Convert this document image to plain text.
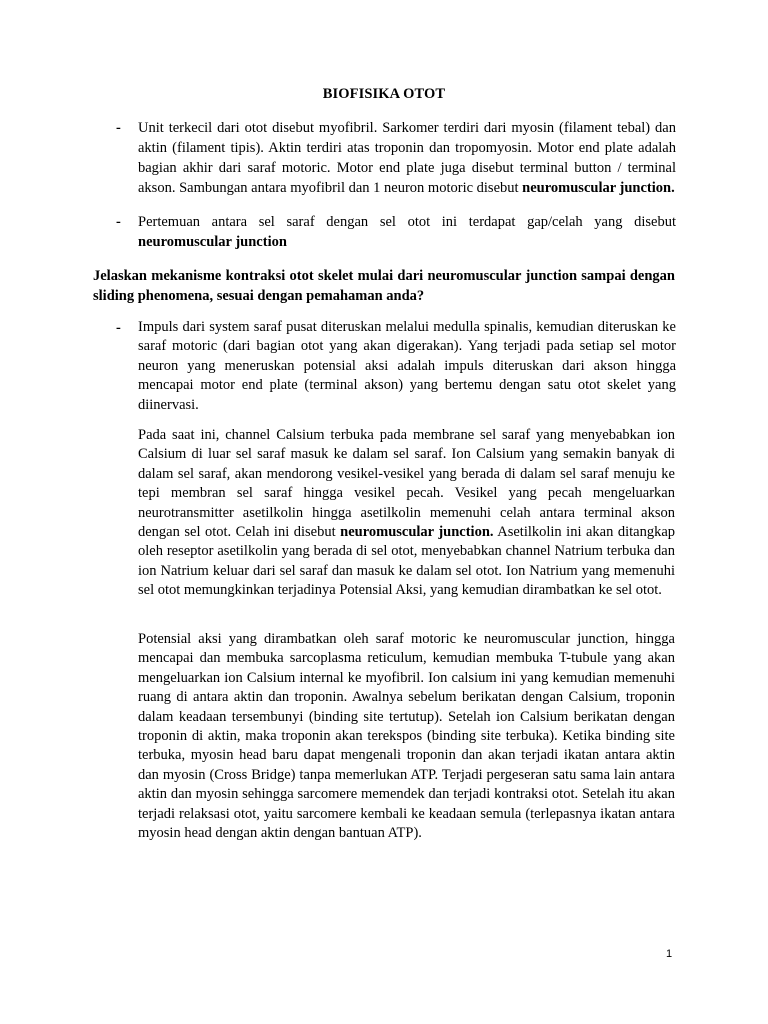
BIOFISIKA OTOT
-	Unit terkecil dari otot disebut myofibril. Sarkomer terdiri dari myosin (filament tebal) dan aktin (filament tipis). Aktin terdiri atas troponin dan tropomyosin. Motor end plate adalah bagian akhir dari saraf motoric. Motor end plate juga disebut terminal button / terminal akson. Sambungan antara myofibril dan 1 neuron motoric disebut neuromuscular junction.
-	Pertemuan antara sel saraf dengan sel otot ini terdapat gap/celah yang disebut neuromuscular junction
Jelaskan mekanisme kontraksi otot skelet mulai dari neuromuscular junction sampai dengan sliding phenomena, sesuai dengan pemahaman anda?
-	Impuls dari system saraf pusat diteruskan melalui medulla spinalis, kemudian diteruskan ke saraf motoric (dari bagian otot yang akan digerakan). Yang terjadi pada setiap sel motor neuron yang meneruskan potensial aksi adalah impuls diteruskan dari akson hingga mencapai motor end plate (terminal akson) yang bertemu dengan satu otot skelet yang diinervasi.
Pada saat ini, channel Calsium terbuka pada membrane sel saraf yang menyebabkan ion Calsium di luar sel saraf masuk ke dalam sel saraf. Ion Calsium yang semakin banyak di dalam sel saraf, akan mendorong vesikel-vesikel yang berada di dalam sel saraf menuju ke tepi membran sel saraf hingga vesikel pecah. Vesikel yang pecah mengeluarkan neurotransmitter asetilkolin hingga asetilkolin memenuhi celah antara terminal akson dengan sel otot. Celah ini disebut neuromuscular junction. Asetilkolin ini akan ditangkap oleh reseptor asetilkolin yang berada di sel otot, menyebabkan channel Natrium terbuka dan ion Natrium keluar dari sel saraf dan masuk ke dalam sel otot. Ion Natrium yang memenuhi sel otot memungkinkan terjadinya Potensial Aksi, yang kemudian dirambatkan ke sel otot.
Potensial aksi yang dirambatkan oleh saraf motoric ke neuromuscular junction, hingga mencapai dan membuka sarcoplasma reticulum, kemudian membuka T-tubule yang akan mengeluarkan ion Calsium internal ke myofibril. Ion calsium ini yang kemudian memenuhi ruang di antara aktin dan troponin. Awalnya sebelum berikatan dengan Calsium, troponin dalam keadaan tersembunyi (binding site tertutup). Setelah ion Calsium berikatan dengan troponin di aktin, maka troponin akan terekspos (binding site terbuka). Ketika binding site terbuka, myosin head baru dapat mengenali troponin dan akan terjadi ikatan antara aktin dan myosin (Cross Bridge) tanpa memerlukan ATP. Terjadi pergeseran satu sama lain antara aktin dan myosin sehingga sarcomere memendek dan terjadi kontraksi otot. Setelah itu akan terjadi relaksasi otot, yaitu sarcomere kembali ke keadaan semula (terlepasnya ikatan antara myosin head dengan aktin dengan bantuan ATP).
1
